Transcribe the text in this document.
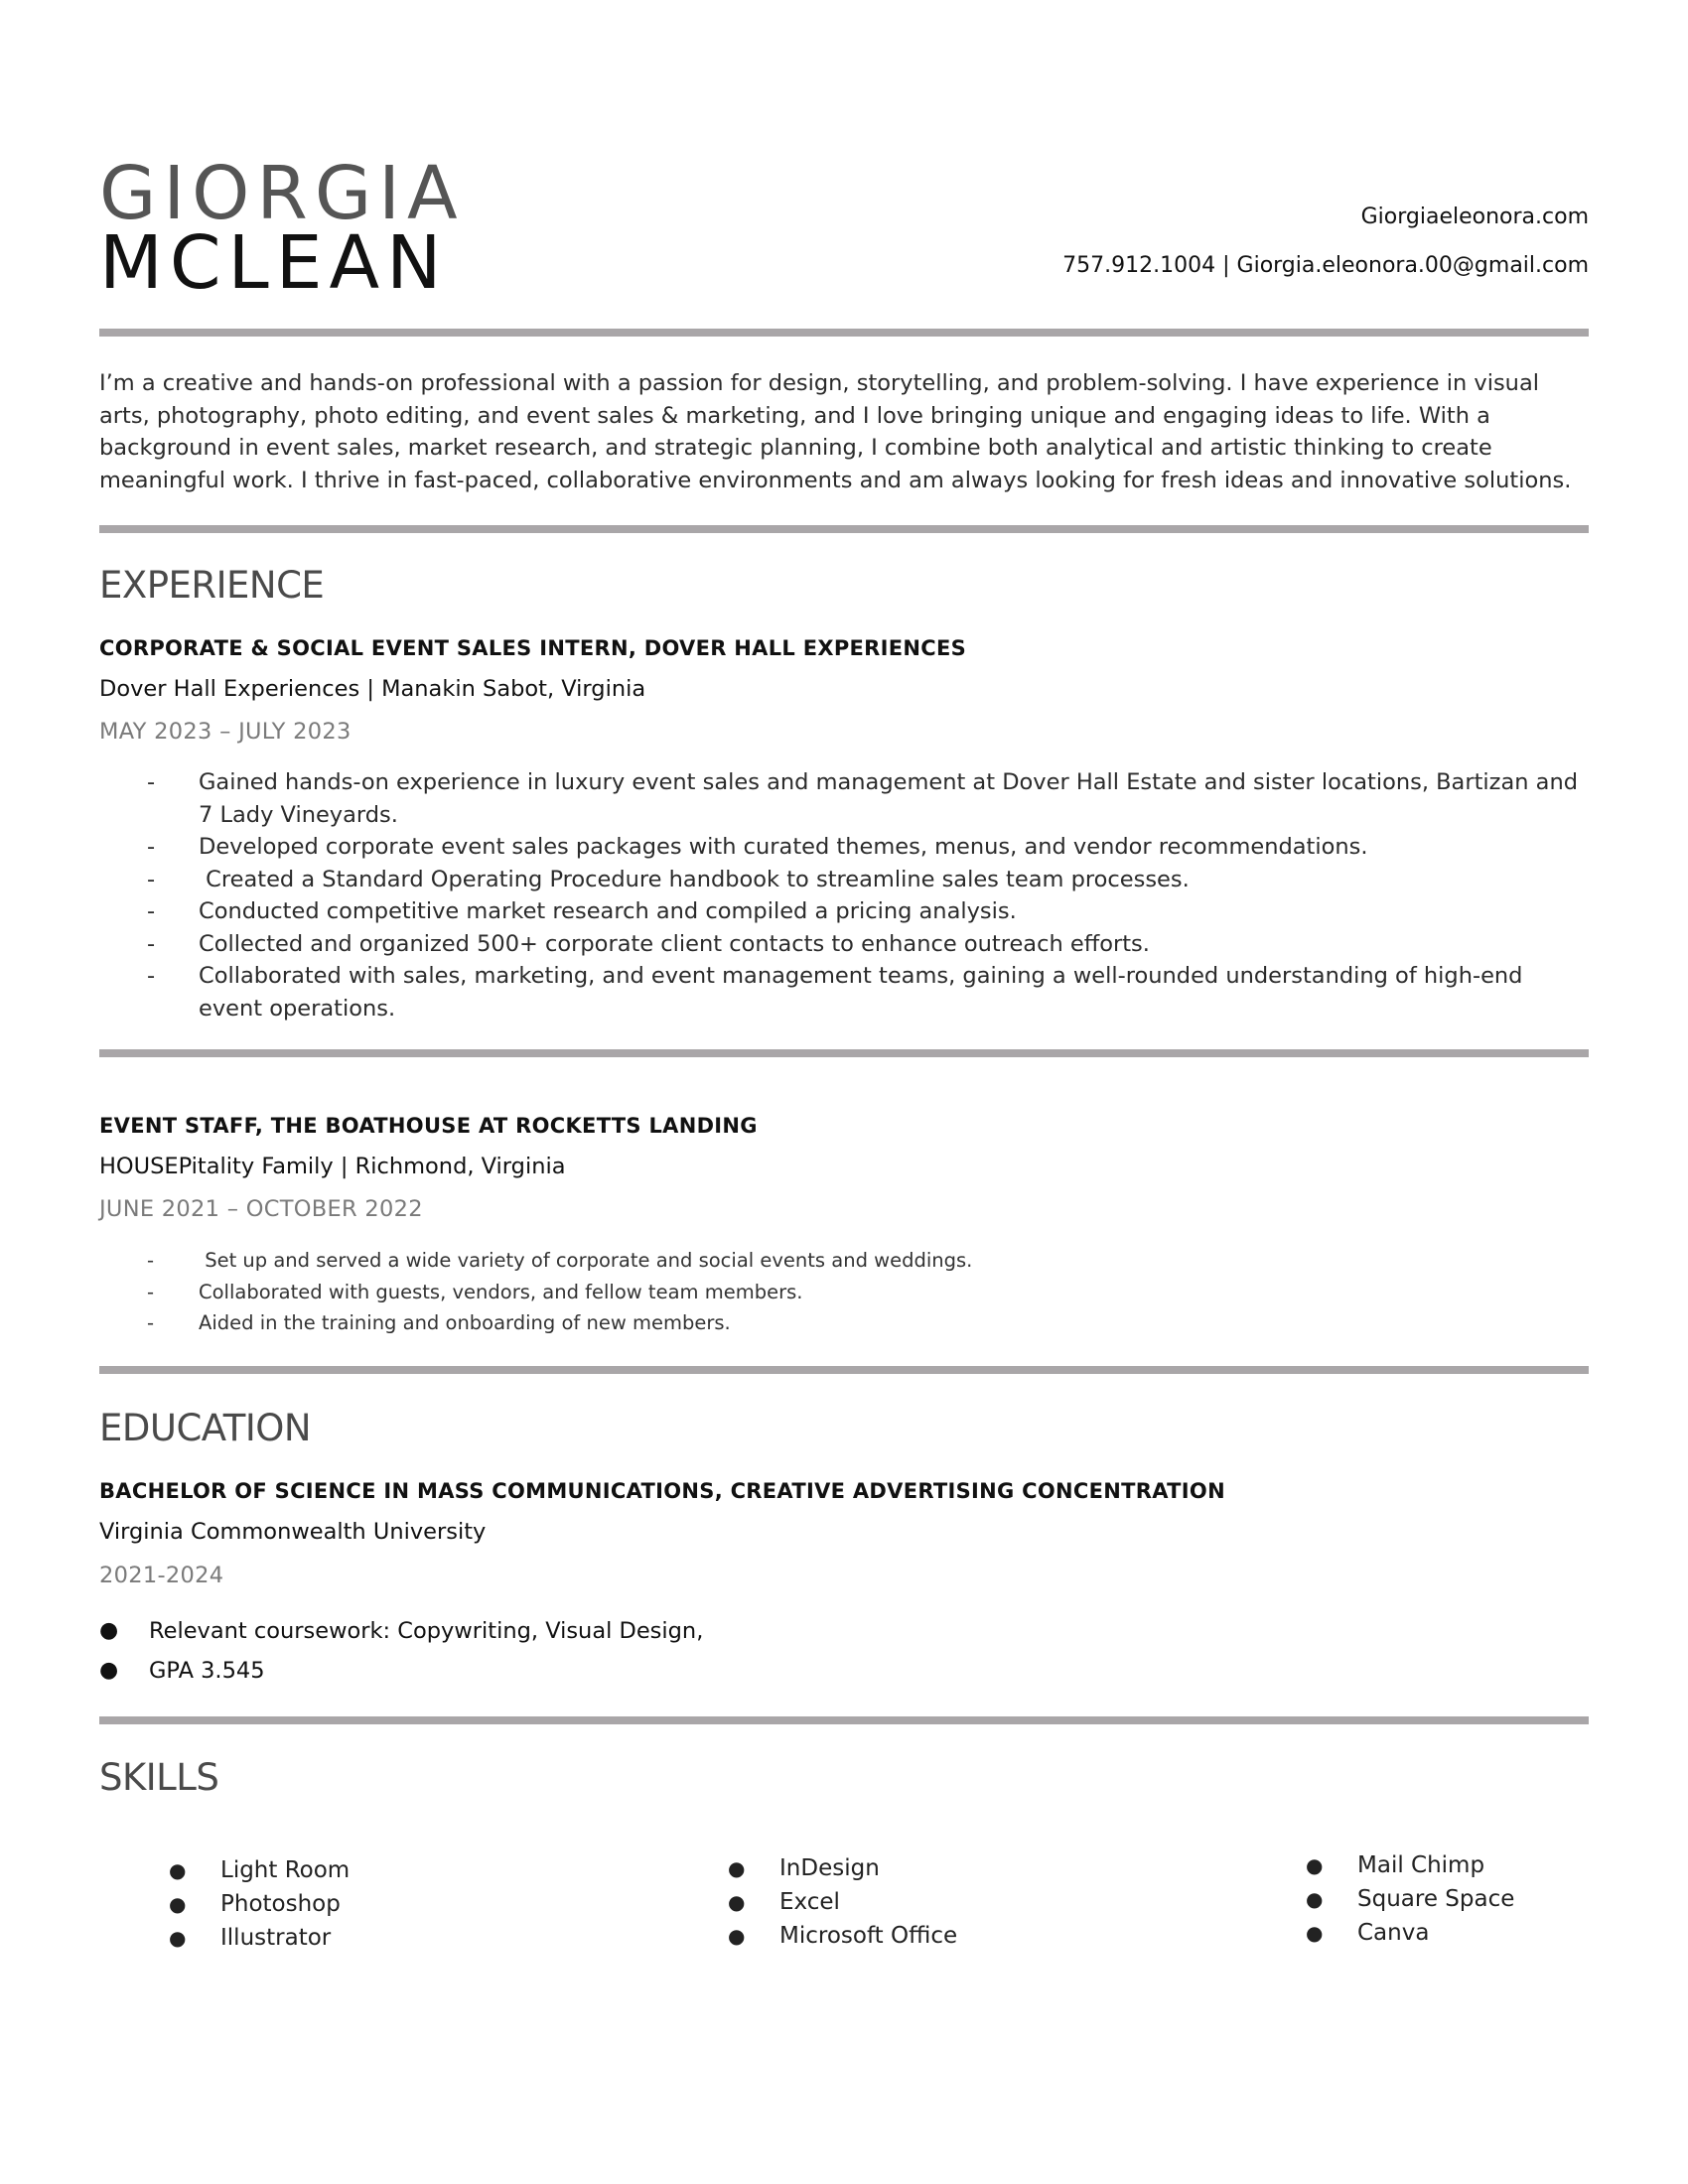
GIORGIA
MCLEAN
Giorgiaeleonora.com
757.912.1004 | Giorgia.eleonora.00@gmail.com

I’m a creative and hands-on professional with a passion for design, storytelling, and problem-solving. I have experience in visual arts, photography, photo editing, and event sales & marketing, and I love bringing unique and engaging ideas to life. With a background in event sales, market research, and strategic planning, I combine both analytical and artistic thinking to create meaningful work. I thrive in fast-paced, collaborative environments and am always looking for fresh ideas and innovative solutions.

EXPERIENCE
CORPORATE & SOCIAL EVENT SALES INTERN, DOVER HALL EXPERIENCES
Dover Hall Experiences | Manakin Sabot, Virginia
MAY 2023 – JULY 2023
- Gained hands-on experience in luxury event sales and management at Dover Hall Estate and sister locations, Bartizan and 7 Lady Vineyards.
- Developed corporate event sales packages with curated themes, menus, and vendor recommendations.
- Created a Standard Operating Procedure handbook to streamline sales team processes.
- Conducted competitive market research and compiled a pricing analysis.
- Collected and organized 500+ corporate client contacts to enhance outreach efforts.
- Collaborated with sales, marketing, and event management teams, gaining a well-rounded understanding of high-end event operations.
EVENT STAFF, THE BOATHOUSE AT ROCKETTS LANDING
HOUSEPitality Family | Richmond, Virginia
JUNE 2021 – OCTOBER 2022
- Set up and served a wide variety of corporate and social events and weddings.
- Collaborated with guests, vendors, and fellow team members.
- Aided in the training and onboarding of new members.
EDUCATION
BACHELOR OF SCIENCE IN MASS COMMUNICATIONS, CREATIVE ADVERTISING CONCENTRATION
Virginia Commonwealth University
2021-2024
● Relevant coursework: Copywriting, Visual Design,
● GPA 3.545
SKILLS
● Light Room
● Photoshop
● Illustrator
● InDesign
● Excel
● Microsoft Office
● Mail Chimp
● Square Space
● Canva
